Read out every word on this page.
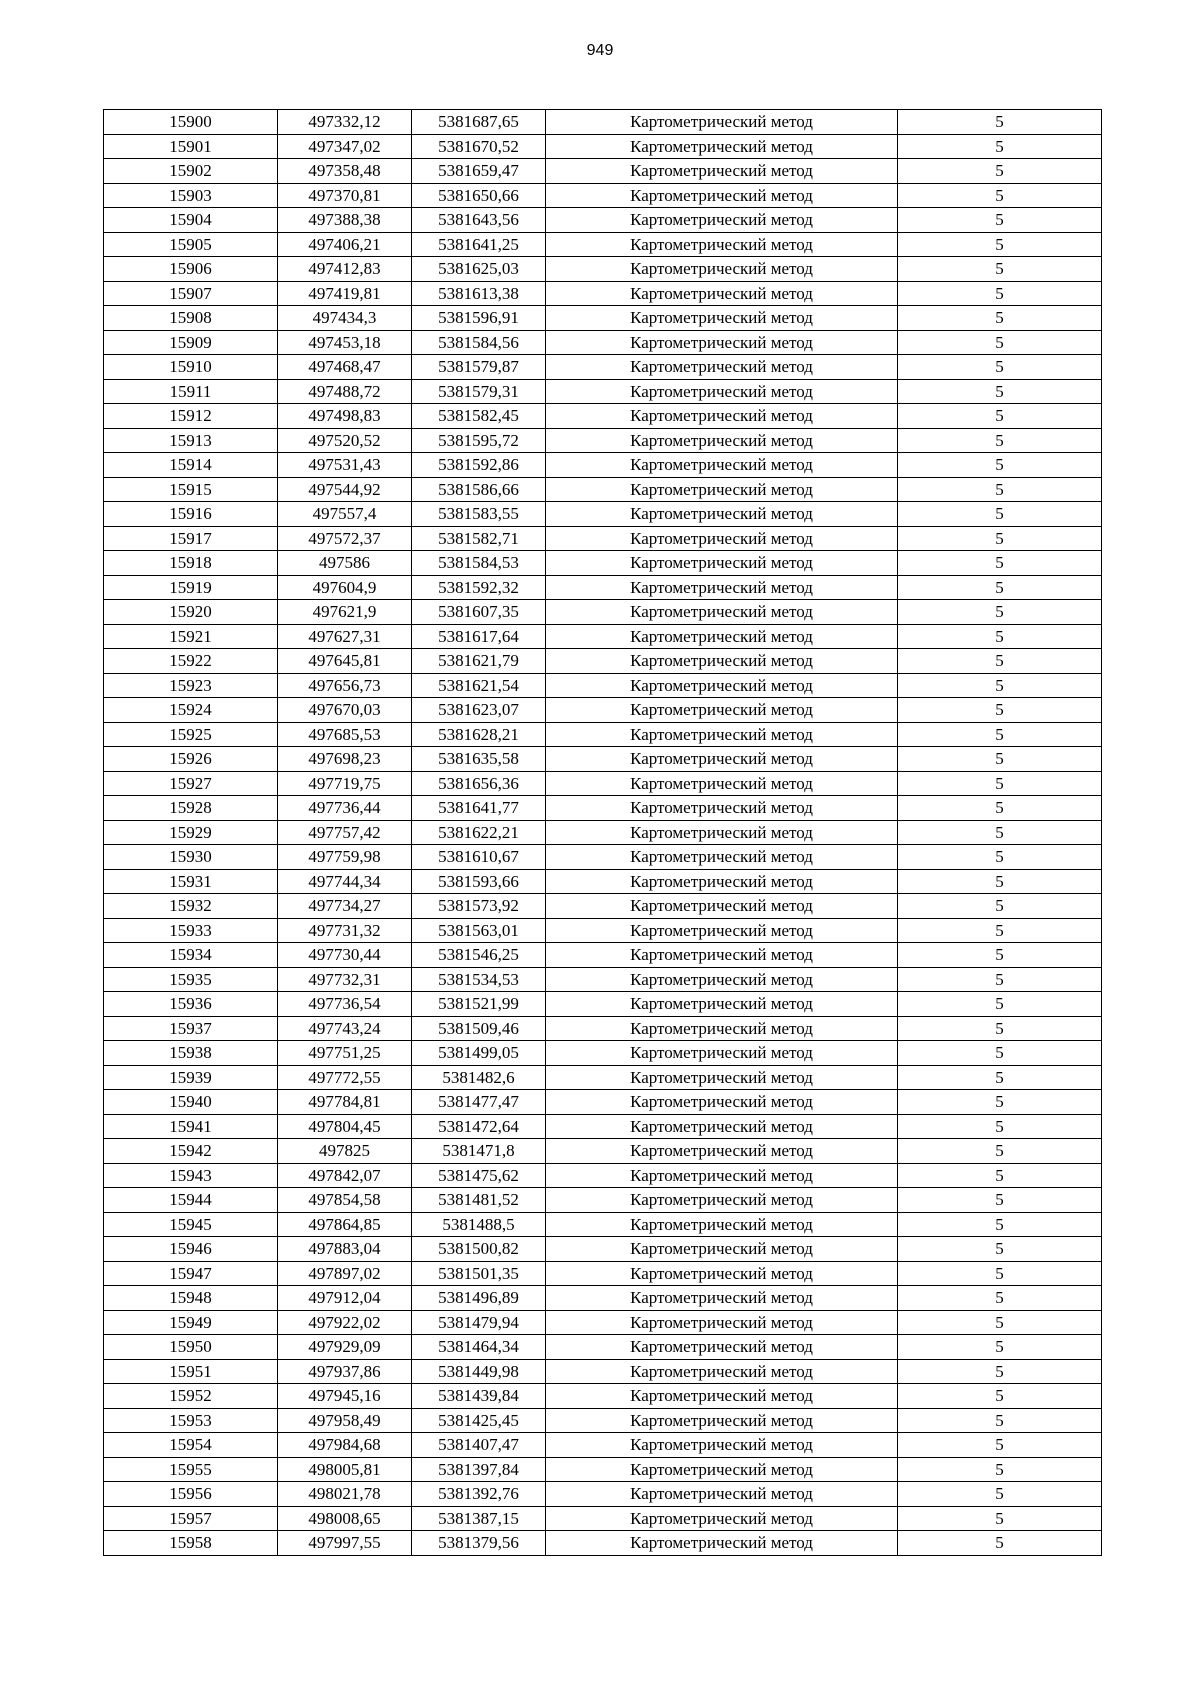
949
15900	497332,12	5381687,65	Картометрический метод	5
15901	497347,02	5381670,52	Картометрический метод	5
15902	497358,48	5381659,47	Картометрический метод	5
15903	497370,81	5381650,66	Картометрический метод	5
15904	497388,38	5381643,56	Картометрический метод	5
15905	497406,21	5381641,25	Картометрический метод	5
15906	497412,83	5381625,03	Картометрический метод	5
15907	497419,81	5381613,38	Картометрический метод	5
15908	497434,3	5381596,91	Картометрический метод	5
15909	497453,18	5381584,56	Картометрический метод	5
15910	497468,47	5381579,87	Картометрический метод	5
15911	497488,72	5381579,31	Картометрический метод	5
15912	497498,83	5381582,45	Картометрический метод	5
15913	497520,52	5381595,72	Картометрический метод	5
15914	497531,43	5381592,86	Картометрический метод	5
15915	497544,92	5381586,66	Картометрический метод	5
15916	497557,4	5381583,55	Картометрический метод	5
15917	497572,37	5381582,71	Картометрический метод	5
15918	497586	5381584,53	Картометрический метод	5
15919	497604,9	5381592,32	Картометрический метод	5
15920	497621,9	5381607,35	Картометрический метод	5
15921	497627,31	5381617,64	Картометрический метод	5
15922	497645,81	5381621,79	Картометрический метод	5
15923	497656,73	5381621,54	Картометрический метод	5
15924	497670,03	5381623,07	Картометрический метод	5
15925	497685,53	5381628,21	Картометрический метод	5
15926	497698,23	5381635,58	Картометрический метод	5
15927	497719,75	5381656,36	Картометрический метод	5
15928	497736,44	5381641,77	Картометрический метод	5
15929	497757,42	5381622,21	Картометрический метод	5
15930	497759,98	5381610,67	Картометрический метод	5
15931	497744,34	5381593,66	Картометрический метод	5
15932	497734,27	5381573,92	Картометрический метод	5
15933	497731,32	5381563,01	Картометрический метод	5
15934	497730,44	5381546,25	Картометрический метод	5
15935	497732,31	5381534,53	Картометрический метод	5
15936	497736,54	5381521,99	Картометрический метод	5
15937	497743,24	5381509,46	Картометрический метод	5
15938	497751,25	5381499,05	Картометрический метод	5
15939	497772,55	5381482,6	Картометрический метод	5
15940	497784,81	5381477,47	Картометрический метод	5
15941	497804,45	5381472,64	Картометрический метод	5
15942	497825	5381471,8	Картометрический метод	5
15943	497842,07	5381475,62	Картометрический метод	5
15944	497854,58	5381481,52	Картометрический метод	5
15945	497864,85	5381488,5	Картометрический метод	5
15946	497883,04	5381500,82	Картометрический метод	5
15947	497897,02	5381501,35	Картометрический метод	5
15948	497912,04	5381496,89	Картометрический метод	5
15949	497922,02	5381479,94	Картометрический метод	5
15950	497929,09	5381464,34	Картометрический метод	5
15951	497937,86	5381449,98	Картометрический метод	5
15952	497945,16	5381439,84	Картометрический метод	5
15953	497958,49	5381425,45	Картометрический метод	5
15954	497984,68	5381407,47	Картометрический метод	5
15955	498005,81	5381397,84	Картометрический метод	5
15956	498021,78	5381392,76	Картометрический метод	5
15957	498008,65	5381387,15	Картометрический метод	5
15958	497997,55	5381379,56	Картометрический метод	5
